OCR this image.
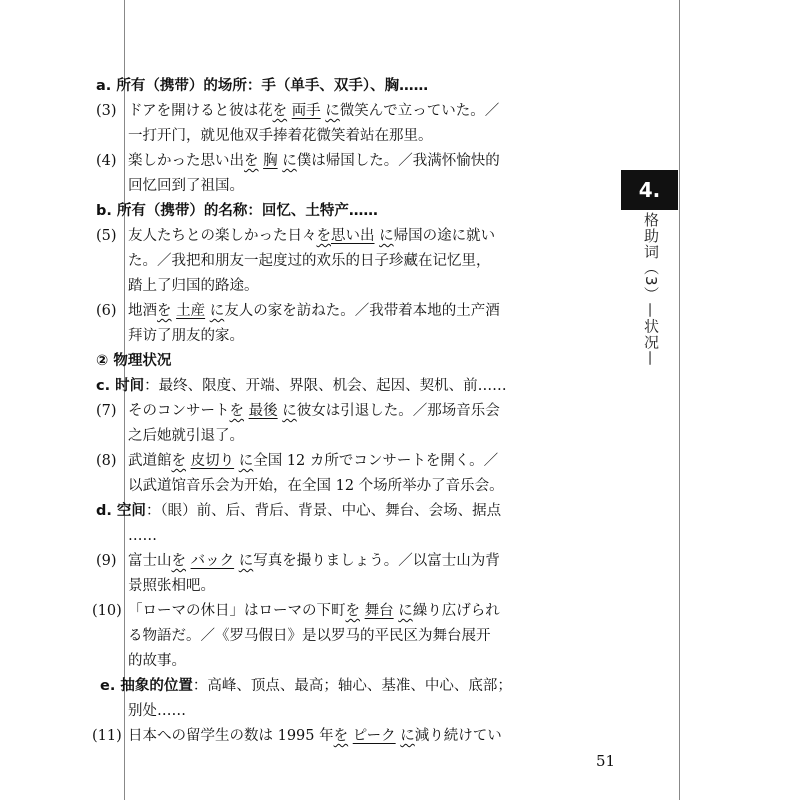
a. 所有（携带）的场所：手（单手、双手）、胸……
(3) ドアを開けると彼は花を 両手 に微笑んで立っていた。／
一打开门，就见他双手捧着花微笑着站在那里。
(4) 楽しかった思い出を 胸 に僕は帰国した。／我满怀愉快的
回忆回到了祖国。
b. 所有（携带）的名称：回忆、土特产……
(5) 友人たちとの楽しかった日々を思い出 に帰国の途に就い
た。／我把和朋友一起度过的欢乐的日子珍藏在记忆里，
踏上了归国的路途。
(6) 地酒を 土産 に友人の家を訪ねた。／我带着本地的土产酒
拜访了朋友的家。
② 物理状况
c. 时间：最终、限度、开端、界限、机会、起因、契机、前……
(7) そのコンサートを 最後 に彼女は引退した。／那场音乐会
之后她就引退了。
(8) 武道館を 皮切り に全国 12 カ所でコンサートを開く。／
以武道馆音乐会为开始，在全国 12 个场所举办了音乐会。
d. 空间：（眼）前、后、背后、背景、中心、舞台、会场、据点
……
(9) 富士山を バック に写真を撮りましょう。／以富士山为背
景照张相吧。
(10) 「ローマの休日」はローマの下町を 舞台 に繰り広げられ
る物語だ。／《罗马假日》是以罗马的平民区为舞台展开
的故事。
e. 抽象的位置：高峰、顶点、最高；轴心、基准、中心、底部；
别处……
(11) 日本への留学生の数は 1995 年を ピーク に減り続けてい
4.
格助词（3）—状况—
51
